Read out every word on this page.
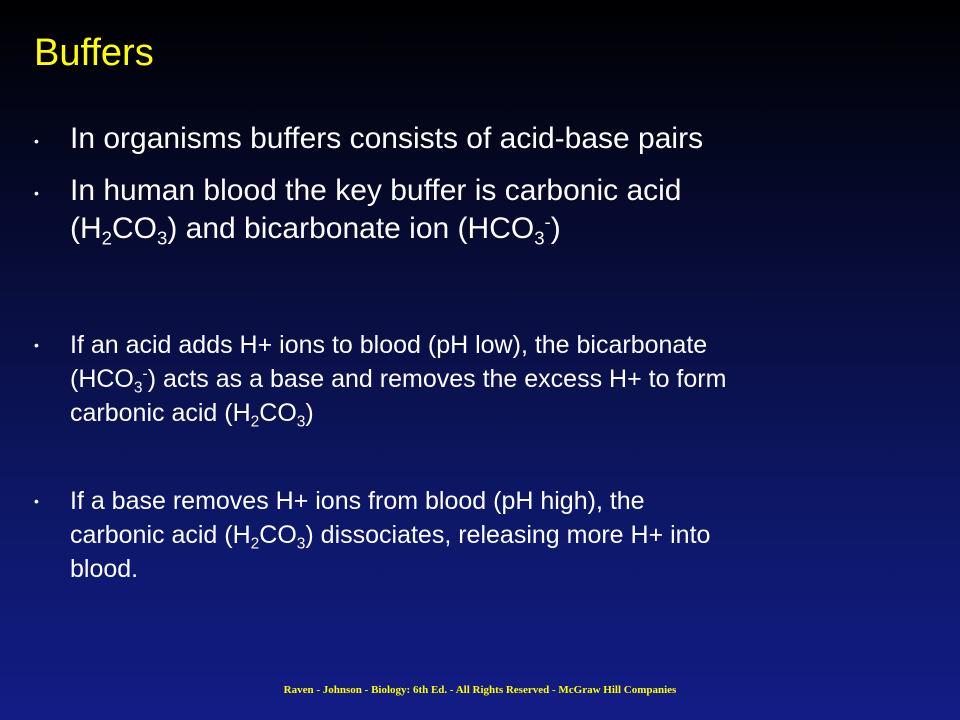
Buffers
• In organisms buffers consists of acid-base pairs
• In human blood the key buffer is carbonic acid
$(H_2CO_3)$ and bicarbonate ion $(HCO_3^-)$
• If an acid adds H+ ions to blood (pH low), the bicarbonate
$(HCO_3^-)$ acts as a base and removes the excess H+ to form
carbonic acid $(H_2CO_3)$
• If a base removes H+ ions from blood (pH high), the
carbonic acid $(H_2CO_3)$ dissociates, releasing more H+ into
blood.
Raven - Johnson - Biology: 6th Ed. - All Rights Reserved - McGraw Hill Companies
